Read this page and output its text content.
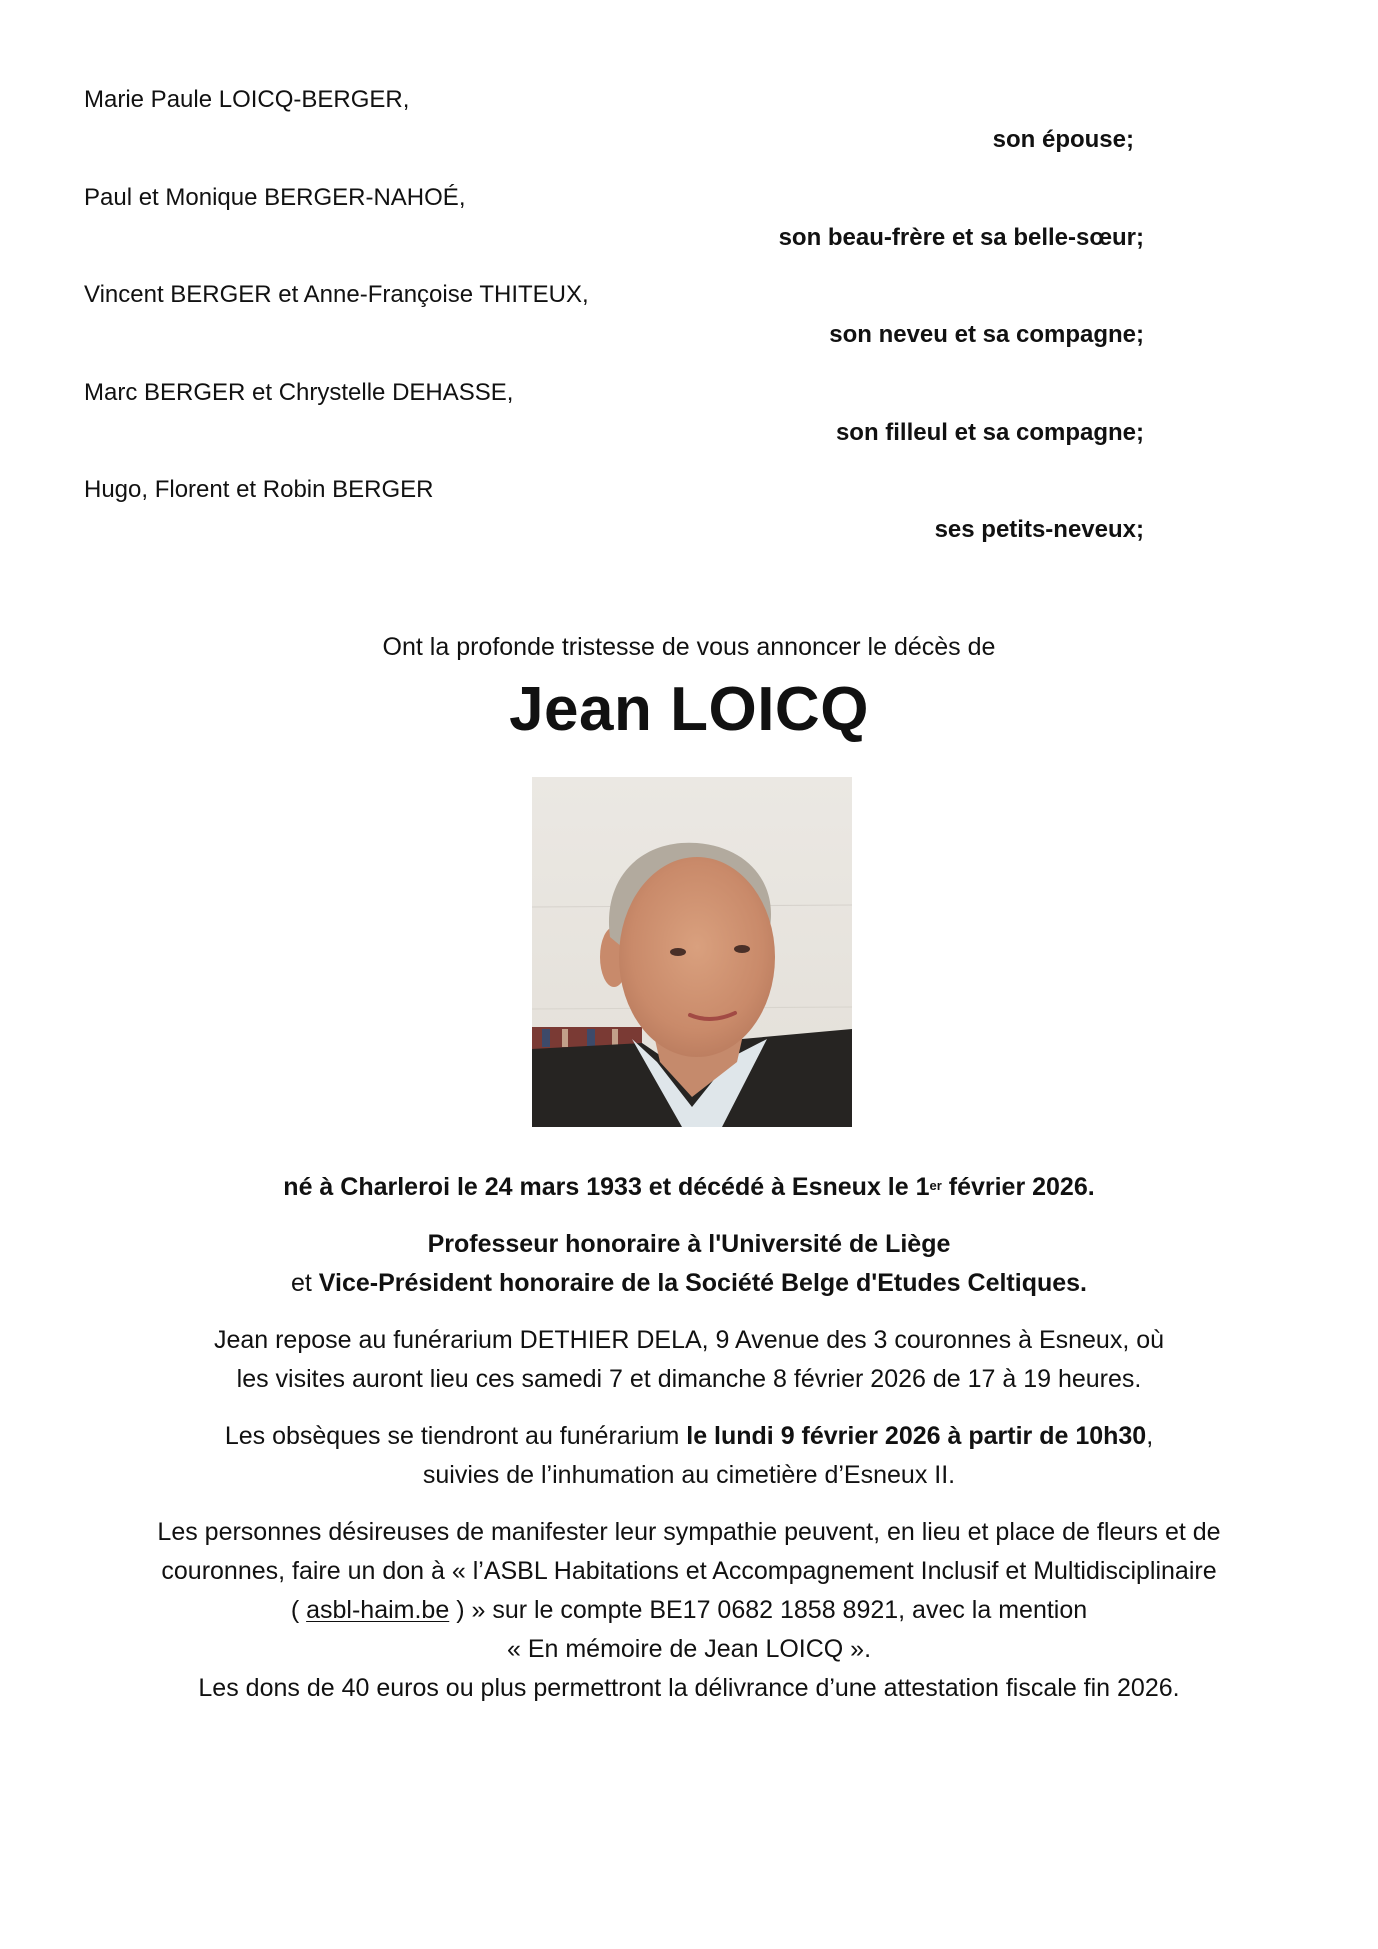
Marie Paule LOICQ-BERGER,
son épouse;
Paul et Monique BERGER-NAHOÉ,
son beau-frère et sa belle-sœur;
Vincent BERGER et Anne-Françoise THITEUX,
son neveu et sa compagne;
Marc BERGER et Chrystelle DEHASSE,
son filleul et sa compagne;
Hugo, Florent et Robin BERGER
ses petits-neveux;
Ont la profonde tristesse de vous annoncer le décès de
Jean LOICQ

né à Charleroi le 24 mars 1933 et décédé à Esneux le 1er février 2026.

Professeur honoraire à l'Université de Liège
et Vice-Président honoraire de la Société Belge d'Etudes Celtiques.

Jean repose au funérarium DETHIER DELA, 9 Avenue des 3 couronnes à Esneux, où
les visites auront lieu ces samedi 7 et dimanche 8 février 2026 de 17 à 19 heures.

Les obsèques se tiendront au funérarium le lundi 9 février 2026 à partir de 10h30,
suivies de l’inhumation au cimetière d’Esneux II.

Les personnes désireuses de manifester leur sympathie peuvent, en lieu et place de fleurs et de
couronnes, faire un don à « l’ASBL Habitations et Accompagnement Inclusif et Multidisciplinaire
( asbl-haim.be ) » sur le compte BE17 0682 1858 8921, avec la mention
« En mémoire de Jean LOICQ ».
Les dons de 40 euros ou plus permettront la délivrance d’une attestation fiscale fin 2026.
